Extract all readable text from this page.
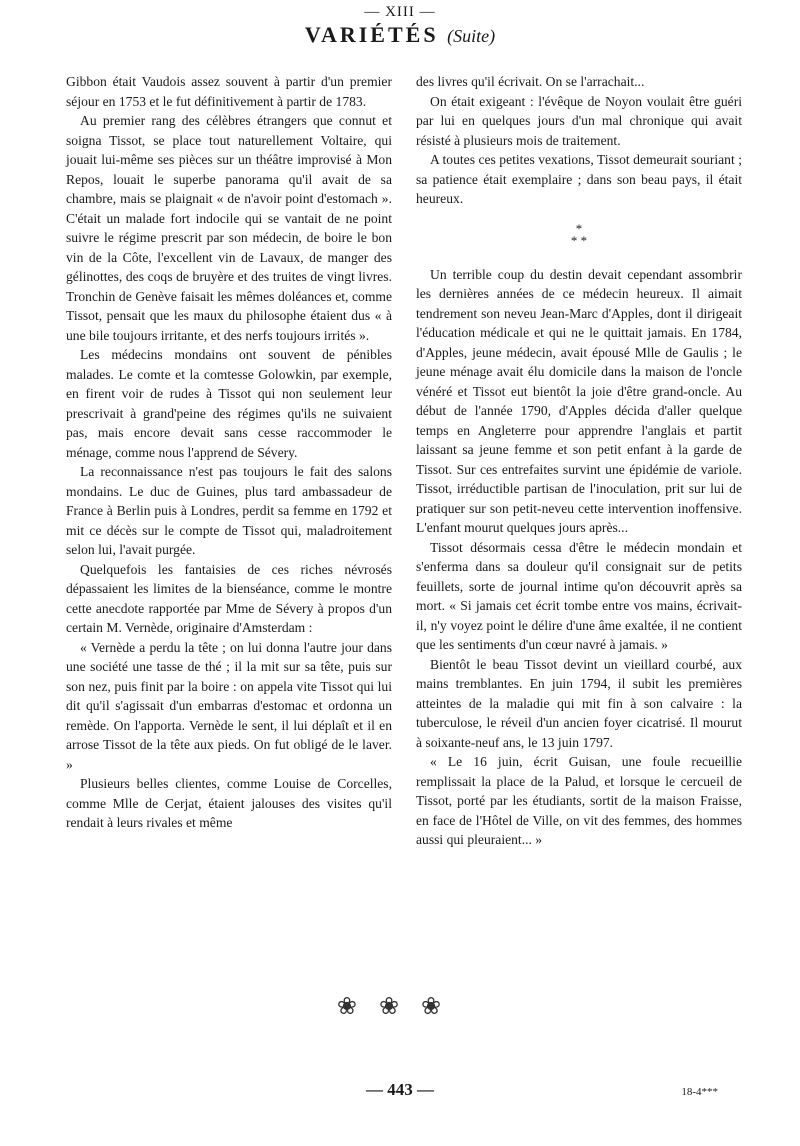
— XIII —
VARIÉTÉS (Suite)

Gibbon était Vaudois assez souvent à partir d'un premier séjour en 1753 et le fut définitivement à partir de 1783.

Au premier rang des célèbres étrangers que connut et soigna Tissot, se place tout naturellement Voltaire, qui jouait lui-même ses pièces sur un théâtre improvisé à Mon Repos, louait le superbe panorama qu'il avait de sa chambre, mais se plaignait « de n'avoir point d'estomach ». C'était un malade fort indocile qui se vantait de ne point suivre le régime prescrit par son médecin, de boire le bon vin de la Côte, l'excellent vin de Lavaux, de manger des gélinottes, des coqs de bruyère et des truites de vingt livres. Tronchin de Genève faisait les mêmes doléances et, comme Tissot, pensait que les maux du philosophe étaient dus « à une bile toujours irritante, et des nerfs toujours irrités ».

Les médecins mondains ont souvent de pénibles malades. Le comte et la comtesse Golowkin, par exemple, en firent voir de rudes à Tissot qui non seulement leur prescrivait à grand'peine des régimes qu'ils ne suivaient pas, mais encore devait sans cesse raccommoder le ménage, comme nous l'apprend de Sévery.

La reconnaissance n'est pas toujours le fait des salons mondains. Le duc de Guines, plus tard ambassadeur de France à Berlin puis à Londres, perdit sa femme en 1792 et mit ce décès sur le compte de Tissot qui, maladroitement selon lui, l'avait purgée.

Quelquefois les fantaisies de ces riches névrosés dépassaient les limites de la bienséance, comme le montre cette anecdote rapportée par Mme de Sévery à propos d'un certain M. Vernède, originaire d'Amsterdam :

« Vernède a perdu la tête ; on lui donna l'autre jour dans une société une tasse de thé ; il la mit sur sa tête, puis sur son nez, puis finit par la boire : on appela vite Tissot qui lui dit qu'il s'agissait d'un embarras d'estomac et ordonna un remède. On l'apporta. Vernède le sent, il lui déplaît et il en arrose Tissot de la tête aux pieds. On fut obligé de le laver. »

Plusieurs belles clientes, comme Louise de Corcelles, comme Mlle de Cerjat, étaient jalouses des visites qu'il rendait à leurs rivales et même

des livres qu'il écrivait. On se l'arrachait...

On était exigeant : l'évêque de Noyon voulait être guéri par lui en quelques jours d'un mal chronique qui avait résisté à plusieurs mois de traitement.

A toutes ces petites vexations, Tissot demeurait souriant ; sa patience était exemplaire ; dans son beau pays, il était heureux.

*
* *

Un terrible coup du destin devait cependant assombrir les dernières années de ce médecin heureux. Il aimait tendrement son neveu Jean-Marc d'Apples, dont il dirigeait l'éducation médicale et qui ne le quittait jamais. En 1784, d'Apples, jeune médecin, avait épousé Mlle de Gaulis ; le jeune ménage avait élu domicile dans la maison de l'oncle vénéré et Tissot eut bientôt la joie d'être grand-oncle. Au début de l'année 1790, d'Apples décida d'aller quelque temps en Angleterre pour apprendre l'anglais et partit laissant sa jeune femme et son petit enfant à la garde de Tissot. Sur ces entrefaites survint une épidémie de variole. Tissot, irréductible partisan de l'inoculation, prit sur lui de pratiquer sur son petit-neveu cette intervention inoffensive. L'enfant mourut quelques jours après...

Tissot désormais cessa d'être le médecin mondain et s'enferma dans sa douleur qu'il consignait sur de petits feuillets, sorte de journal intime qu'on découvrit après sa mort. « Si jamais cet écrit tombe entre vos mains, écrivait-il, n'y voyez point le délire d'une âme exaltée, il ne contient que les sentiments d'un cœur navré à jamais. »

Bientôt le beau Tissot devint un vieillard courbé, aux mains tremblantes. En juin 1794, il subit les premières atteintes de la maladie qui mit fin à son calvaire : la tuberculose, le réveil d'un ancien foyer cicatrisé. Il mourut à soixante-neuf ans, le 13 juin 1797.

« Le 16 juin, écrit Guisan, une foule recueillie remplissait la place de la Palud, et lorsque le cercueil de Tissot, porté par les étudiants, sortit de la maison Fraisse, en face de l'Hôtel de Ville, on vit des femmes, des hommes aussi qui pleuraient... »

❀❀❀
— 443 —	18-4***
